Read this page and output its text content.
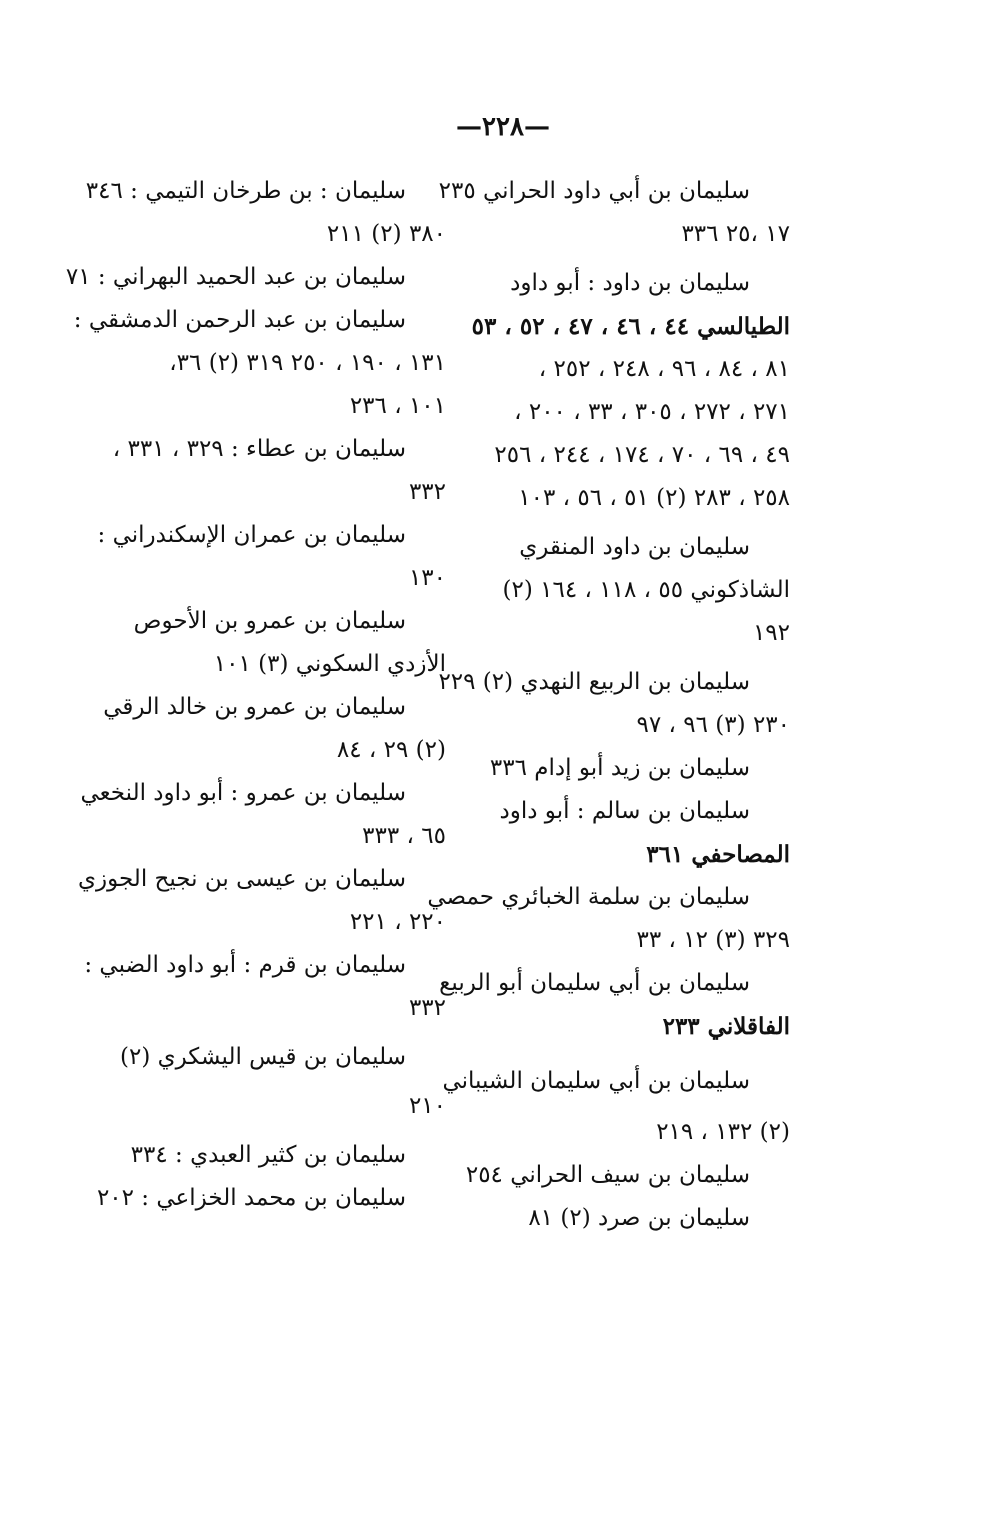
—٢٢٨—
سليمان بن أبي داود الحراني ٢٣٥
١٧ ،٢٥ ٣٣٦
سليمان بن داود : أبو داود
الطيالسي ٤٤ ، ٤٦ ، ٤٧ ، ٥٢ ، ٥٣
٨١ ، ٨٤ ، ٩٦ ، ٢٤٨ ، ٢٥٢ ،
٢٧١ ، ٢٧٢ ، ٣٠٥ ، ٣٣ ، ٢٠٠ ،
٤٩ ، ٦٩ ، ٧٠ ، ١٧٤ ، ٢٤٤ ، ٢٥٦
٢٥٨ ، ٢٨٣ (٢) ٥١ ، ٥٦ ، ١٠٣
سليمان بن داود المنقري
الشاذكوني ٥٥ ، ١١٨ ، ١٦٤ (٢)
١٩٢
سليمان بن الربيع النهدي (٢) ٢٢٩
٢٣٠ (٣) ٩٦ ، ٩٧
سليمان بن زيد أبو إدام ٣٣٦
سليمان بن سالم : أبو داود
المصاحفي ٣٦١
سليمان بن سلمة الخبائري حمصي
٣٢٩ (٣) ١٢ ، ٣٣
سليمان بن أبي سليمان أبو الربيع
الفاقلاني ٢٣٣
سليمان بن أبي سليمان الشيباني
(٢) ١٣٢ ، ٢١٩
سليمان بن سيف الحراني ٢٥٤
سليمان بن صرد (٢) ٨١
سليمان : بن طرخان التيمي : ٣٤٦
٣٨٠ (٢) ٢١١
سليمان بن عبد الحميد البهراني : ٧١
سليمان بن عبد الرحمن الدمشقي :
١٣١ ، ١٩٠ ، ٢٥٠ ٣١٩ (٢) ٣٦،
١٠١ ، ٢٣٦
سليمان بن عطاء : ٣٢٩ ، ٣٣١ ،
٣٣٢
سليمان بن عمران الإسكندراني :
١٣٠
سليمان بن عمرو بن الأحوص
الأزدي السكوني (٣) ١٠١
سليمان بن عمرو بن خالد الرقي
(٢) ٢٩ ، ٨٤
سليمان بن عمرو : أبو داود النخعي
٦٥ ، ٣٣٣
سليمان بن عيسى بن نجيح الجوزي
٢٢٠ ، ٢٢١
سليمان بن قرم : أبو داود الضبي :
٣٣٢
سليمان بن قيس اليشكري (٢)
٢١٠
سليمان بن كثير العبدي : ٣٣٤
سليمان بن محمد الخزاعي : ٢٠٢
